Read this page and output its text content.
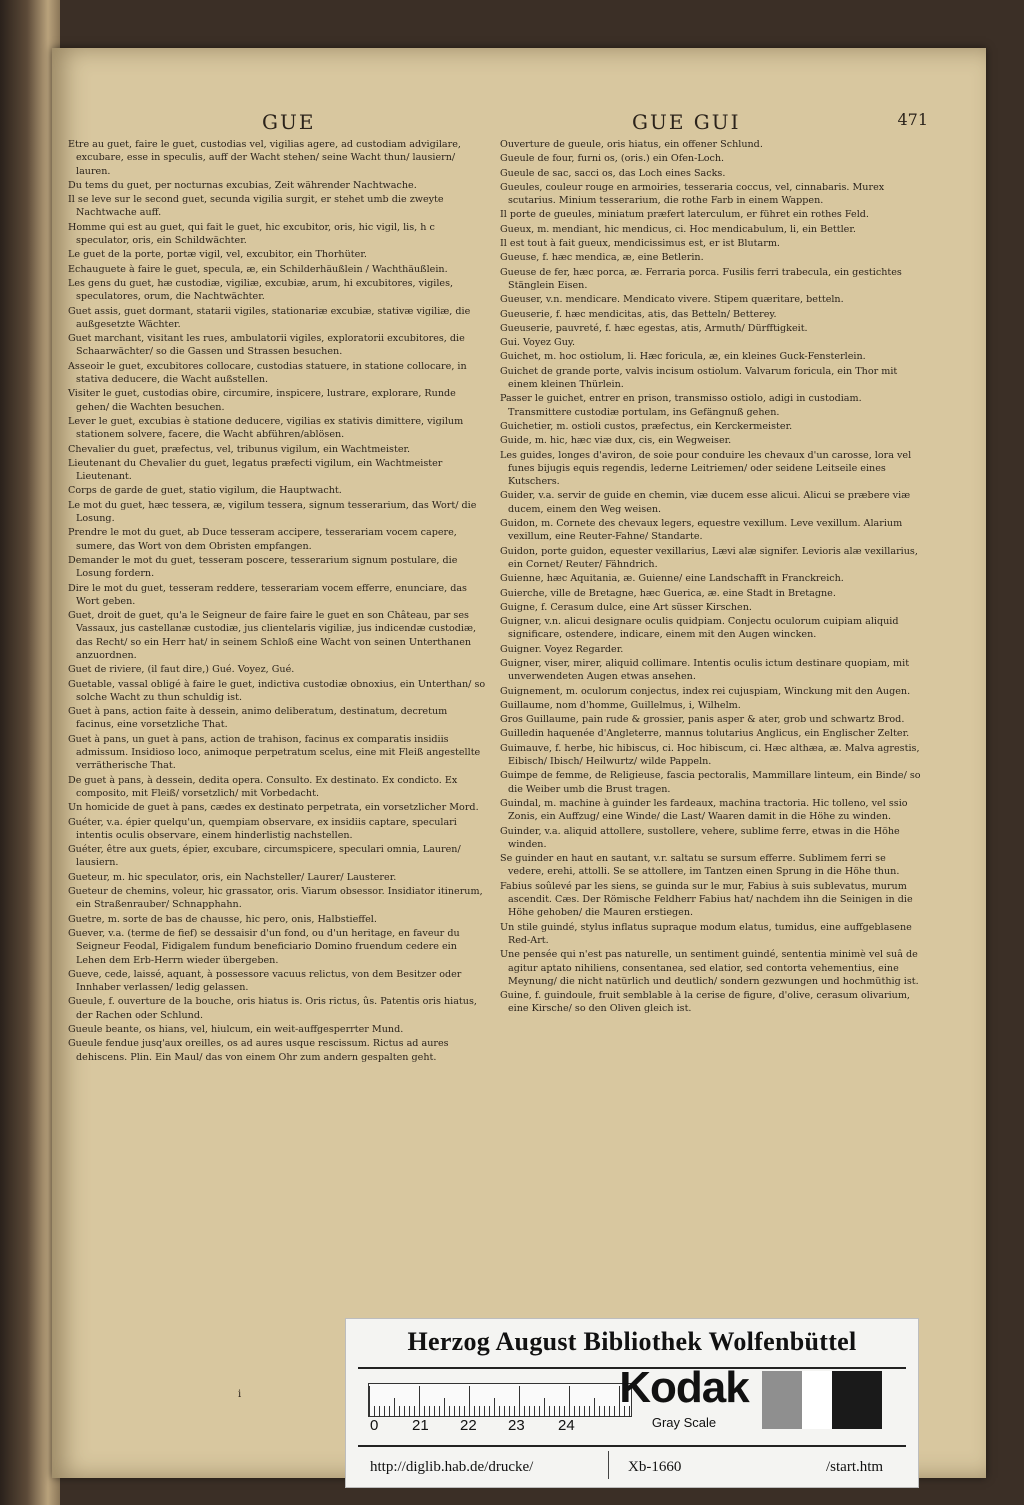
GUE	GUE GUI	471

Etre au guet, faire le guet, custodias vel, vigilias agere, ad custodiam advigilare, excubare, esse in speculis, auff der Wacht stehen/ seine Wacht thun/ lausiern/ lauren.

Du tems du guet, per nocturnas excubias, Zeit währender Nachtwache.

Il se leve sur le second guet, secunda vigilia surgit, er stehet umb die zweyte Nachtwache auff.

Homme qui est au guet, qui fait le guet, hic excubitor, oris, hic vigil, lis, h c speculator, oris, ein Schildwächter.

Le guet de la porte, portæ vigil, vel, excubitor, ein Thorhüter.

Echauguete à faire le guet, specula, æ, ein Schilderhäußlein / Wachthäußlein.

Les gens du guet, hæ custodiæ, vigiliæ, excubiæ, arum, hi excubitores, vigiles, speculatores, orum, die Nachtwächter.

Guet assis, guet dormant, statarii vigiles, stationariæ excubiæ, stativæ vigiliæ, die außgesetzte Wächter.

Guet marchant, visitant les rues, ambulatorii vigiles, exploratorii excubitores, die Schaarwächter/ so die Gassen und Strassen besuchen.

Asseoir le guet, excubitores collocare, custodias statuere, in statione collocare, in stativa deducere, die Wacht außstellen.

Visiter le guet, custodias obire, circumire, inspicere, lustrare, explorare, Runde gehen/ die Wachten besuchen.

Lever le guet, excubias è statione deducere, vigilias ex stativis dimittere, vigilum stationem solvere, facere, die Wacht abführen/ablösen.

Chevalier du guet, præfectus, vel, tribunus vigilum, ein Wachtmeister.

Lieutenant du Chevalier du guet, legatus præfecti vigilum, ein Wachtmeister Lieutenant.

Corps de garde de guet, statio vigilum, die Hauptwacht.

Le mot du guet, hæc tessera, æ, vigilum tessera, signum tesserarium, das Wort/ die Losung.

Prendre le mot du guet, ab Duce tesseram accipere, tesserariam vocem capere, sumere, das Wort von dem Obristen empfangen.

Demander le mot du guet, tesseram poscere, tesserarium signum postulare, die Losung fordern.

Dire le mot du guet, tesseram reddere, tesserariam vocem efferre, enunciare, das Wort geben.

Guet, droit de guet, qu'a le Seigneur de faire faire le guet en son Château, par ses Vassaux, jus castellanæ custodiæ, jus clientelaris vigiliæ, jus indicendæ custodiæ, das Recht/ so ein Herr hat/ in seinem Schloß eine Wacht von seinen Unterthanen anzuordnen.

Guet de riviere, (il faut dire,) Gué. Voyez, Gué.

Guetable, vassal obligé à faire le guet, indictiva custodiæ obnoxius, ein Unterthan/ so solche Wacht zu thun schuldig ist.

Guet à pans, action faite à dessein, animo deliberatum, destinatum, decretum facinus, eine vorsetzliche That.

Guet à pans, un guet à pans, action de trahison, facinus ex comparatis insidiis admissum. Insidioso loco, animoque perpetratum scelus, eine mit Fleiß angestellte verrätherische That.

De guet à pans, à dessein, dedita opera. Consulto. Ex destinato. Ex condicto. Ex composito, mit Fleiß/ vorsetzlich/ mit Vorbedacht.

Un homicide de guet à pans, cædes ex destinato perpetrata, ein vorsetzlicher Mord.

Guéter, v.a. épier quelqu'un, quempiam observare, ex insidiis captare, speculari intentis oculis observare, einem hinderlistig nachstellen.

Guéter, être aux guets, épier, excubare, circumspicere, speculari omnia, Lauren/ lausiern.

Gueteur, m. hic speculator, oris, ein Nachsteller/ Laurer/ Lausterer.

Gueteur de chemins, voleur, hic grassator, oris. Viarum obsessor. Insidiator itinerum, ein Straßenrauber/ Schnapphahn.

Guetre, m. sorte de bas de chausse, hic pero, onis, Halbstieffel.

Guever, v.a. (terme de fief) se dessaisir d'un fond, ou d'un heritage, en faveur du Seigneur Feodal, Fidigalem fundum beneficiario Domino fruendum cedere ein Lehen dem Erb-Herrn wieder übergeben.

Gueve, cede, laissé, aquant, à possessore vacuus relictus, von dem Besitzer oder Innhaber verlassen/ ledig gelassen.

Gueule, f. ouverture de la bouche, oris hiatus is. Oris rictus, ûs. Patentis oris hiatus, der Rachen oder Schlund.

Gueule beante, os hians, vel, hiulcum, ein weit-auffgesperrter Mund.

Gueule fendue jusq'aux oreilles, os ad aures usque rescissum. Rictus ad aures dehiscens. Plin. Ein Maul/ das von einem Ohr zum andern gespalten geht.

Ouverture de gueule, oris hiatus, ein offener Schlund.

Gueule de four, furni os, (oris.) ein Ofen-Loch.

Gueule de sac, sacci os, das Loch eines Sacks.

Gueules, couleur rouge en armoiries, tesseraria coccus, vel, cinnabaris. Murex scutarius. Minium tesserarium, die rothe Farb in einem Wappen.

Il porte de gueules, miniatum præfert laterculum, er führet ein rothes Feld.

Gueux, m. mendiant, hic mendicus, ci. Hoc mendicabulum, li, ein Bettler.

Il est tout à fait gueux, mendicissimus est, er ist Blutarm.

Gueuse, f. hæc mendica, æ, eine Betlerin.

Gueuse de fer, hæc porca, æ. Ferraria porca. Fusilis ferri trabecula, ein gestichtes Stänglein Eisen.

Gueuser, v.n. mendicare. Mendicato vivere. Stipem quæritare, betteln.

Gueuserie, f. hæc mendicitas, atis, das Betteln/ Betterey.

Gueuserie, pauvreté, f. hæc egestas, atis, Armuth/ Dürfftigkeit.

Gui. Voyez Guy.

Guichet, m. hoc ostiolum, li. Hæc foricula, æ, ein kleines Guck-Fensterlein.

Guichet de grande porte, valvis incisum ostiolum. Valvarum foricula, ein Thor mit einem kleinen Thürlein.

Passer le guichet, entrer en prison, transmisso ostiolo, adigi in custodiam. Transmittere custodiæ portulam, ins Gefängnuß gehen.

Guichetier, m. ostioli custos, præfectus, ein Kerckermeister.

Guide, m. hic, hæc viæ dux, cis, ein Wegweiser.

Les guides, longes d'aviron, de soie pour conduire les chevaux d'un carosse, lora vel funes bijugis equis regendis, lederne Leitriemen/ oder seidene Leitseile eines Kutschers.

Guider, v.a. servir de guide en chemin, viæ ducem esse alicui. Alicui se præbere viæ ducem, einem den Weg weisen.

Guidon, m. Cornete des chevaux legers, equestre vexillum. Leve vexillum. Alarium vexillum, eine Reuter-Fahne/ Standarte.

Guidon, porte guidon, equester vexillarius, Lævi alæ signifer. Levioris alæ vexillarius, ein Cornet/ Reuter/ Fähndrich.

Guienne, hæc Aquitania, æ. Guienne/ eine Landschafft in Franckreich.

Guierche, ville de Bretagne, hæc Guerica, æ. eine Stadt in Bretagne.

Guigne, f. Cerasum dulce, eine Art süsser Kirschen.

Guigner, v.n. alicui designare oculis quidpiam. Conjectu oculorum cuipiam aliquid significare, ostendere, indicare, einem mit den Augen wincken.

Guigner. Voyez Regarder.

Guigner, viser, mirer, aliquid collimare. Intentis oculis ictum destinare quopiam, mit unverwendeten Augen etwas ansehen.

Guignement, m. oculorum conjectus, index rei cujuspiam, Winckung mit den Augen.

Guillaume, nom d'homme, Guillelmus, i, Wilhelm.

Gros Guillaume, pain rude & grossier, panis asper & ater, grob und schwartz Brod.

Guilledin haquenée d'Angleterre, mannus tolutarius Anglicus, ein Englischer Zelter.

Guimauve, f. herbe, hic hibiscus, ci. Hoc hibiscum, ci. Hæc althæa, æ. Malva agrestis, Eibisch/ Ibisch/ Heilwurtz/ wilde Pappeln.

Guimpe de femme, de Religieuse, fascia pectoralis, Mammillare linteum, ein Binde/ so die Weiber umb die Brust tragen.

Guindal, m. machine à guinder les fardeaux, machina tractoria. Hic tolleno, vel ssio Zonis, ein Auffzug/ eine Winde/ die Last/ Waaren damit in die Höhe zu winden.

Guinder, v.a. aliquid attollere, sustollere, vehere, sublime ferre, etwas in die Höhe winden.

Se guinder en haut en sautant, v.r. saltatu se sursum efferre. Sublimem ferri se vedere, erehi, attolli. Se se attollere, im Tantzen einen Sprung in die Höhe thun.

Fabius soûlevé par les siens, se guinda sur le mur, Fabius à suis sublevatus, murum ascendit. Cæs. Der Römische Feldherr Fabius hat/ nachdem ihn die Seinigen in die Höhe gehoben/ die Mauren erstiegen.

Un stile guindé, stylus inflatus supraque modum elatus, tumidus, eine auffgeblasene Red-Art.

Une pensée qui n'est pas naturelle, un sentiment guindé, sententia minimè vel suâ de agitur aptato nihiliens, consentanea, sed elatior, sed contorta vehementius, eine Meynung/ die nicht natürlich und deutlich/ sondern gezwungen und hochmüthig ist.

Guine, f. guindoule, fruit semblable à la cerise de figure, d'olive, cerasum olivarium, eine Kirsche/ so den Oliven gleich ist.

i
Herzog August Bibliothek Wolfenbüttel
0 21 22 23 24
Kodak
Gray Scale
http://diglib.hab.de/drucke/	Xb-1660	/start.htm
